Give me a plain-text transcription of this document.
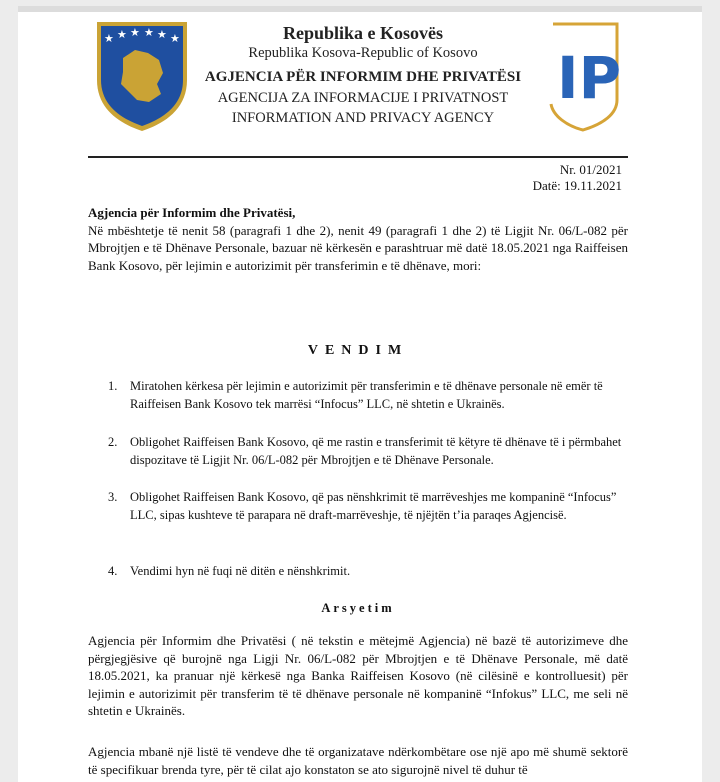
★ ★ ★ ★ ★ ★	Republika e Kosovës
Republika Kosova-Republic of Kosovo
AGJENCIA PËR INFORMIM DHE PRIVATËSI
AGENCIJA ZA INFORMACIJE I PRIVATNOST
INFORMATION AND PRIVACY AGENCY
IP
Nr. 01/2021
Datë: 19.11.2021
Agjencia për Informim dhe Privatësi,
Në mbështetje të nenit 58 (paragrafi 1 dhe 2), nenit 49 (paragrafi 1 dhe 2) të Ligjit Nr. 06/L-082 për Mbrojtjen e të Dhënave Personale, bazuar në kërkesën e parashtruar më datë 18.05.2021 nga Raiffeisen Bank Kosovo, për lejimin e autorizimit për transferimin e të dhënave, mori:
VENDIM
1.	Miratohen kërkesa për lejimin e autorizimit për transferimin e të dhënave personale në emër të Raiffeisen Bank Kosovo tek marrësi “Infocus” LLC, në shtetin e Ukrainës.
2.	Obligohet Raiffeisen Bank Kosovo, që me rastin e transferimit të këtyre të dhënave të i përmbahet dispozitave të Ligjit Nr. 06/L-082 për Mbrojtjen e të Dhënave Personale.
3.	Obligohet Raiffeisen Bank Kosovo, që pas nënshkrimit të marrëveshjes me kompaninë “Infocus” LLC, sipas kushteve të parapara në draft-marrëveshje, të njëjtën t’ia paraqes Agjencisë.
4.	Vendimi hyn në fuqi në ditën e nënshkrimit.
Arsyetim
Agjencia për Informim dhe Privatësi ( në tekstin e mëtejmë Agjencia) në bazë të autorizimeve dhe përgjegjësive që burojnë nga Ligji Nr. 06/L-082 për Mbrojtjen e të Dhënave Personale, më datë 18.05.2021, ka pranuar një kërkesë nga Banka Raiffeisen Kosovo (në cilësinë e kontrolluesit) për lejimin e autorizimit për transferim të të dhënave personale në kompaninë “Infokus” LLC, me seli në shtetin e Ukrainës.
Agjencia mbanë një listë të vendeve dhe të organizatave ndërkombëtare ose një apo më shumë sektorë të specifikuar brenda tyre, për të cilat ajo konstaton se ato sigurojnë nivel të duhur të
